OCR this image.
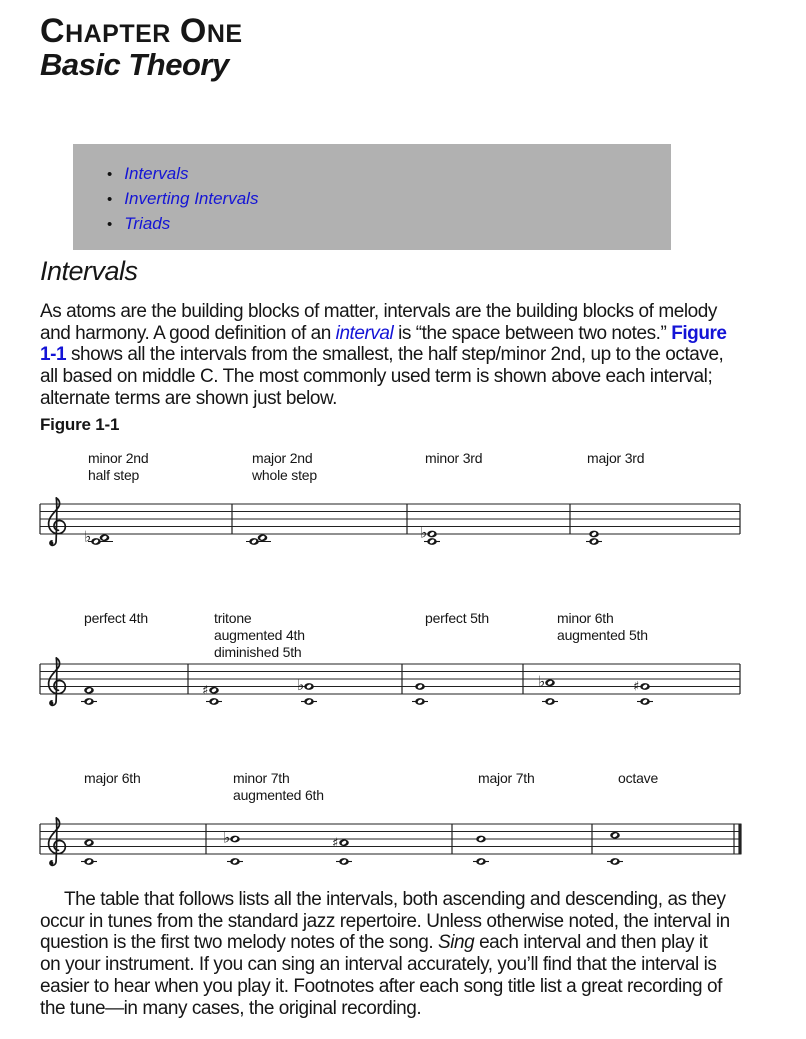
CHAPTER ONE
Basic Theory
• Intervals
• Inverting Intervals
• Triads
Intervals
As atoms are the building blocks of matter, intervals are the building blocks of melody
and harmony. A good definition of an interval is “the space between two notes.” Figure
1-1 shows all the intervals from the smallest, the half step/minor 2nd, up to the octave,
all based on middle C. The most commonly used term is shown above each interval;
alternate terms are shown just below.
Figure 1-1
minor 2nd
half step
major 2nd
whole step
minor 3rd	major 3rd
♭	♭
perfect 4th	tritone
augmented 4th
diminished 5th
perfect 5th	minor 6th
augmented 5th
♯	♭	♭	♯
major 6th	minor 7th
augmented 6th
major 7th	octave
♭	♯
The table that follows lists all the intervals, both ascending and descending, as they
occur in tunes from the standard jazz repertoire. Unless otherwise noted, the interval in
question is the first two melody notes of the song. Sing each interval and then play it
on your instrument. If you can sing an interval accurately, you’ll find that the interval is
easier to hear when you play it. Footnotes after each song title list a great recording of
the tune—in many cases, the original recording.
